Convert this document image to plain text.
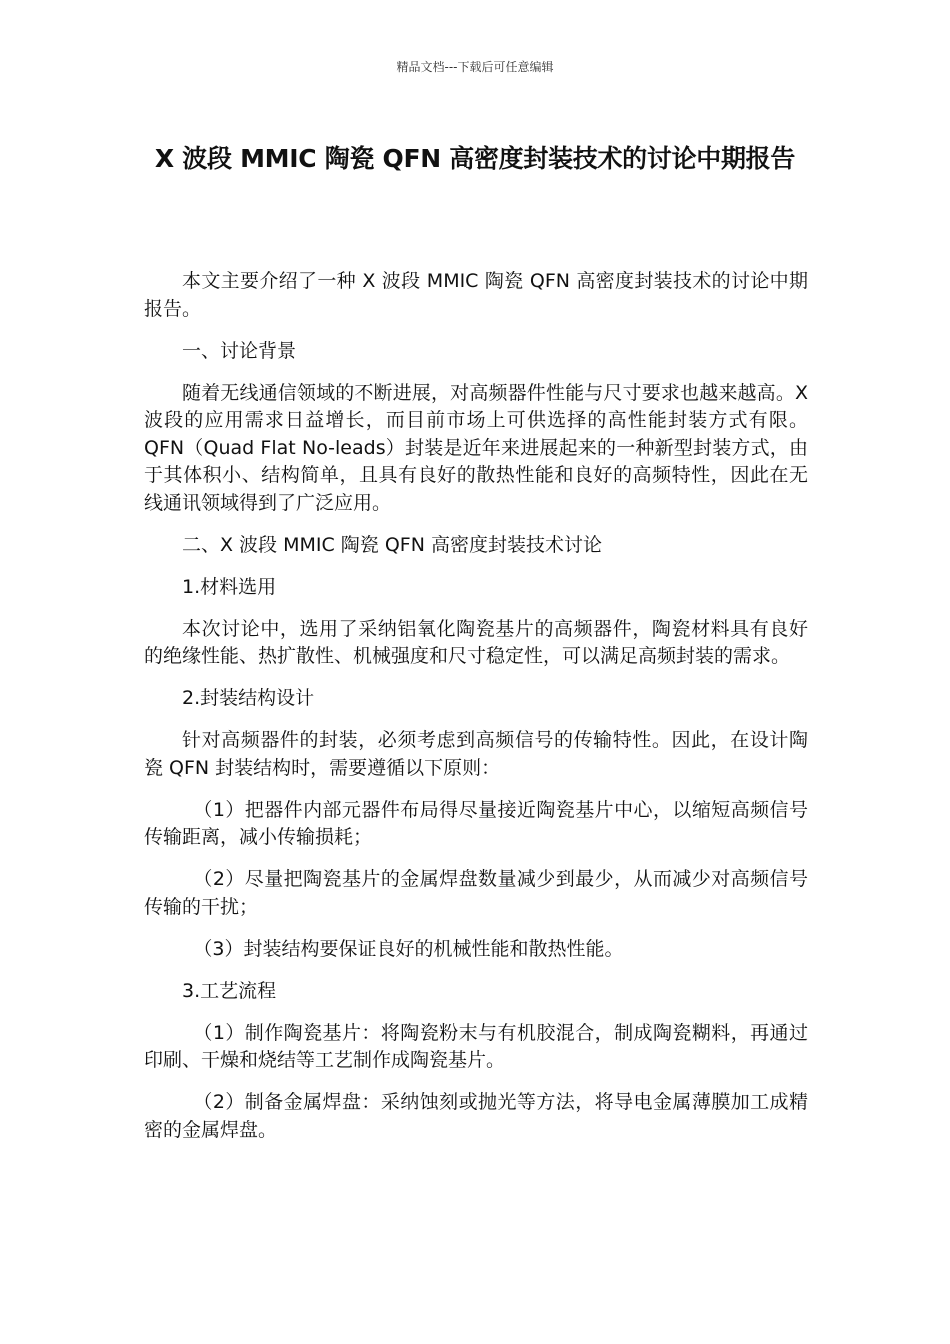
精品文档---下载后可任意编辑
X 波段 MMIC 陶瓷 QFN 高密度封装技术的讨论中期报告

本文主要介绍了一种 X 波段 MMIC 陶瓷 QFN 高密度封装技术的讨论中期报告。

一、讨论背景

随着无线通信领域的不断进展，对高频器件性能与尺寸要求也越来越高。X 波段的应用需求日益增长，而目前市场上可供选择的高性能封装方式有限。QFN（Quad Flat No-leads）封装是近年来进展起来的一种新型封装方式，由于其体积小、结构简单，且具有良好的散热性能和良好的高频特性，因此在无线通讯领域得到了广泛应用。

二、X 波段 MMIC 陶瓷 QFN 高密度封装技术讨论

1.材料选用

本次讨论中，选用了采纳铝氧化陶瓷基片的高频器件，陶瓷材料具有良好的绝缘性能、热扩散性、机械强度和尺寸稳定性，可以满足高频封装的需求。

2.封装结构设计

针对高频器件的封装，必须考虑到高频信号的传输特性。因此，在设计陶瓷 QFN 封装结构时，需要遵循以下原则：

（1）把器件内部元器件布局得尽量接近陶瓷基片中心，以缩短高频信号传输距离，减小传输损耗；

（2）尽量把陶瓷基片的金属焊盘数量减少到最少，从而减少对高频信号传输的干扰；

（3）封装结构要保证良好的机械性能和散热性能。

3.工艺流程

（1）制作陶瓷基片：将陶瓷粉末与有机胶混合，制成陶瓷糊料，再通过印刷、干燥和烧结等工艺制作成陶瓷基片。

（2）制备金属焊盘：采纳蚀刻或抛光等方法，将导电金属薄膜加工成精密的金属焊盘。
